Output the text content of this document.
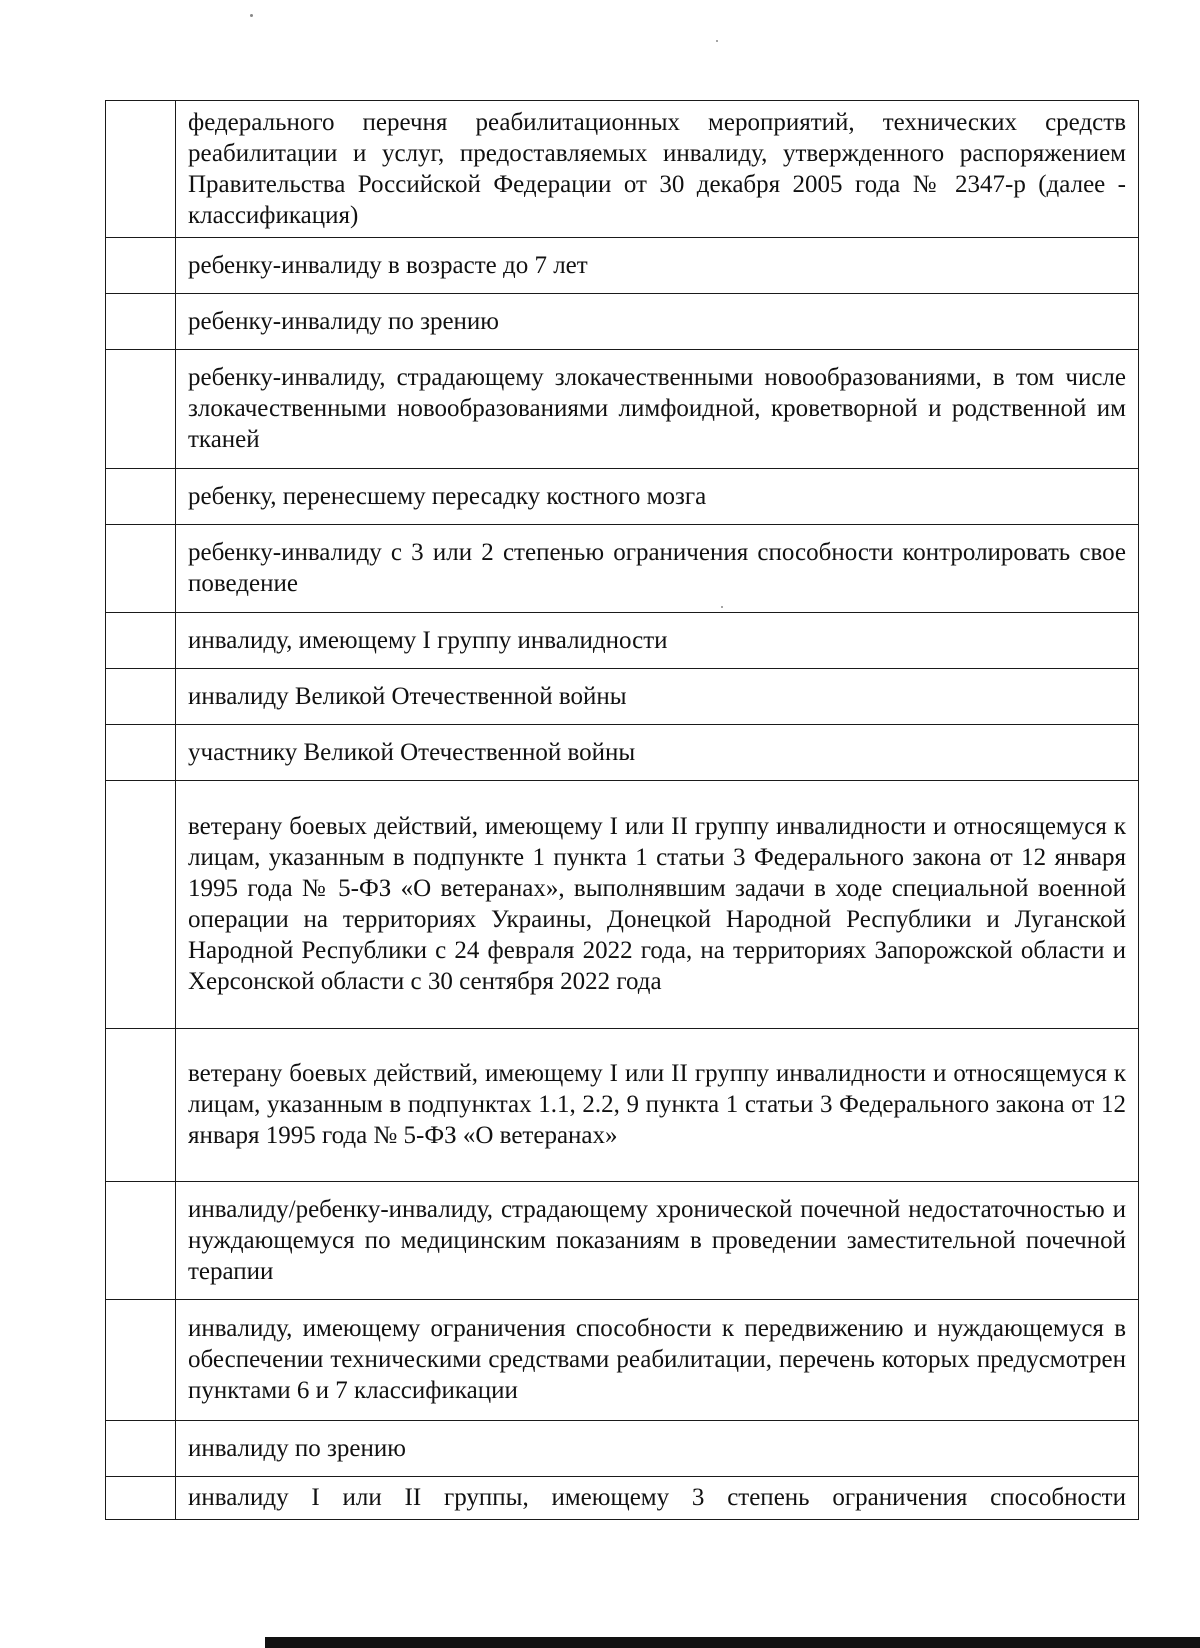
	федерального перечня реабилитационных мероприятий, технических средств реабилитации и услуг, предоставляемых инвалиду, утвержденного распоряжением Правительства Российской Федерации от 30 декабря 2005 года № 2347-р (далее - классификация)
	ребенку-инвалиду в возрасте до 7 лет
	ребенку-инвалиду по зрению
	ребенку-инвалиду, страдающему злокачественными новообразованиями, в том числе злокачественными новообразованиями лимфоидной, кроветворной и родственной им тканей
	ребенку, перенесшему пересадку костного мозга
	ребенку-инвалиду с 3 или 2 степенью ограничения способности контролировать свое поведение
	инвалиду, имеющему I группу инвалидности
	инвалиду Великой Отечественной войны
	участнику Великой Отечественной войны
	ветерану боевых действий, имеющему I или II группу инвалидности и относящемуся к лицам, указанным в подпункте 1 пункта 1 статьи 3 Федерального закона от 12 января 1995 года № 5-ФЗ «О ветеранах», выполнявшим задачи в ходе специальной военной операции на территориях Украины, Донецкой Народной Республики и Луганской Народной Республики с 24 февраля 2022 года, на территориях Запорожской области и Херсонской области с 30 сентября 2022 года
	ветерану боевых действий, имеющему I или II группу инвалидности и относящемуся к лицам, указанным в подпунктах 1.1, 2.2, 9 пункта 1 статьи 3 Федерального закона от 12 января 1995 года № 5-ФЗ «О ветеранах»
	инвалиду/ребенку-инвалиду, страдающему хронической почечной недостаточностью и нуждающемуся по медицинским показаниям в проведении заместительной почечной терапии
	инвалиду, имеющему ограничения способности к передвижению и нуждающемуся в обеспечении техническими средствами реабилитации, перечень которых предусмотрен пунктами 6 и 7 классификации
	инвалиду по зрению
	инвалиду I или II группы, имеющему 3 степень ограничения способности
